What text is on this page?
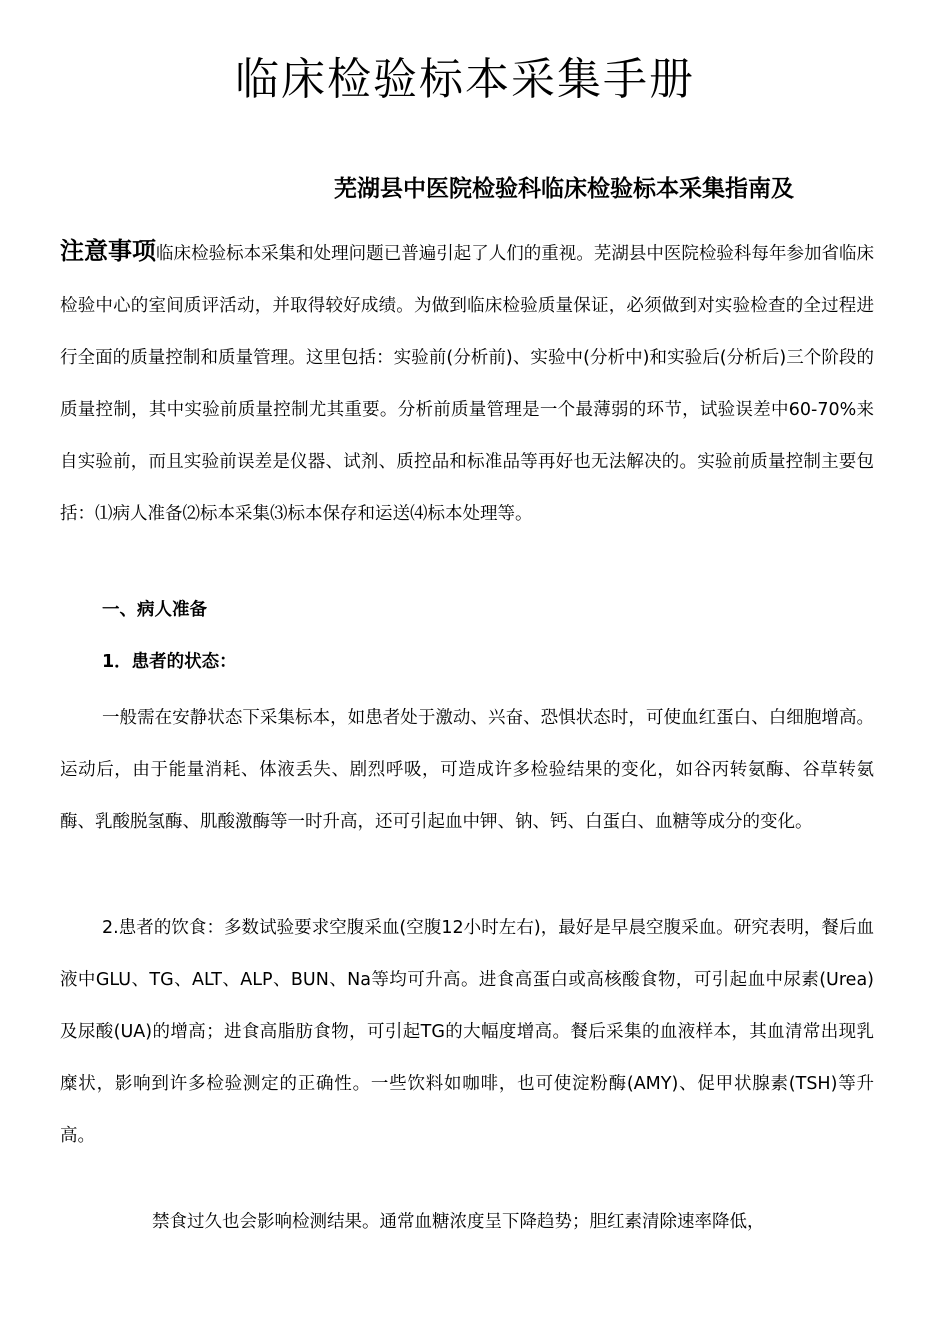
临床检验标本采集手册
芜湖县中医院检验科临床检验标本采集指南及

注意事项临床检验标本采集和处理问题已普遍引起了人们的重视。芜湖县中医院检验科每年参加省临床检验中心的室间质评活动，并取得较好成绩。为做到临床检验质量保证，必须做到对实验检查的全过程进行全面的质量控制和质量管理。这里包括：实验前(分析前)、实验中(分析中)和实验后(分析后)三个阶段的质量控制，其中实验前质量控制尤其重要。分析前质量管理是一个最薄弱的环节，试验误差中60-70%来自实验前，而且实验前误差是仪器、试剂、质控品和标准品等再好也无法解决的。实验前质量控制主要包括：⑴病人准备⑵标本采集⑶标本保存和运送⑷标本处理等。

一、病人准备
1．患者的状态：

一般需在安静状态下采集标本，如患者处于激动、兴奋、恐惧状态时，可使血红蛋白、白细胞增高。运动后，由于能量消耗、体液丢失、剧烈呼吸，可造成许多检验结果的变化，如谷丙转氨酶、谷草转氨酶、乳酸脱氢酶、肌酸激酶等一时升高，还可引起血中钾、钠、钙、白蛋白、血糖等成分的变化。

2.患者的饮食：多数试验要求空腹采血(空腹12小时左右)，最好是早晨空腹采血。研究表明，餐后血液中GLU、TG、ALT、ALP、BUN、Na等均可升高。进食高蛋白或高核酸食物，可引起血中尿素(Urea)及尿酸(UA)的增高；进食高脂肪食物，可引起TG的大幅度增高。餐后采集的血液样本，其血清常出现乳糜状，影响到许多检验测定的正确性。一些饮料如咖啡，也可使淀粉酶(AMY)、促甲状腺素(TSH)等升高。

禁食过久也会影响检测结果。通常血糖浓度呈下降趋势；胆红素清除速率降低，
